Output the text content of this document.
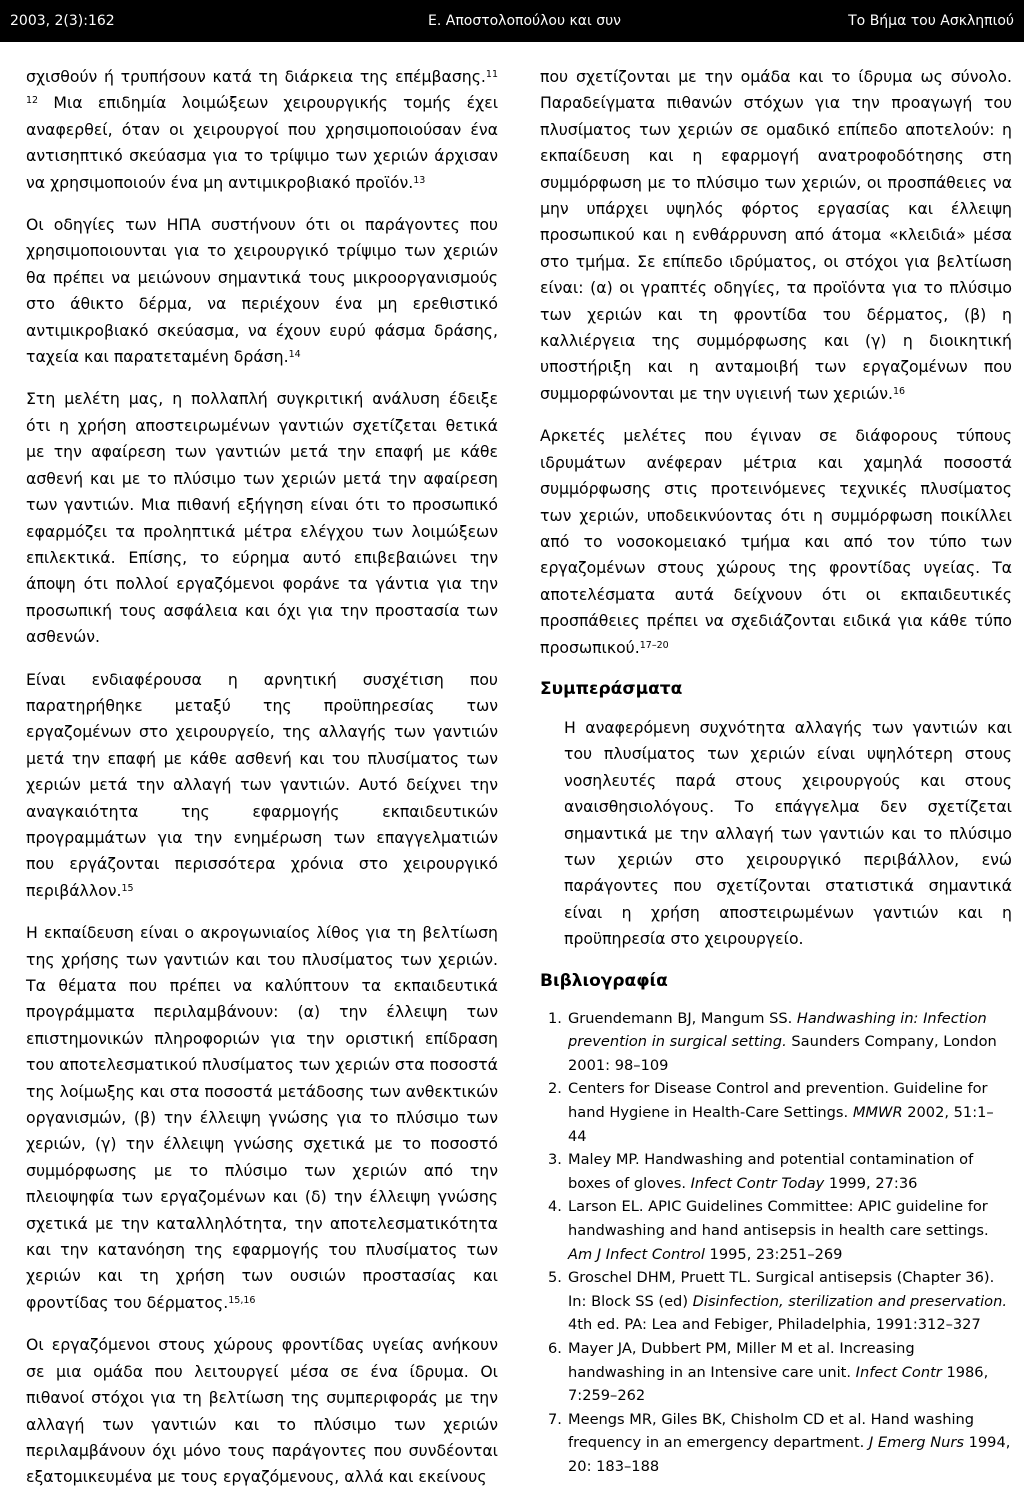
2003, 2(3):162	Ε. Αποστολοπούλου και συν	Το Βήμα του Ασκληπιού

σχισθούν ή τρυπήσουν κατά τη διάρκεια της επέμβασης.$^{11 12}$ Μια επιδημία λοιμώξεων χειρουργικής τομής έχει αναφερθεί, όταν οι χειρουργοί που χρησιμοποιούσαν ένα αντισηπτικό σκεύασμα για το τρίψιμο των χεριών άρχισαν να χρησιμοποιούν ένα μη αντιμικροβιακό προϊόν.$^{13}$

Οι οδηγίες των ΗΠΑ συστήνουν ότι οι παράγοντες που χρησιμοποιουνται για το χειρουργικό τρίψιμο των χεριών θα πρέπει να μειώνουν σημαντικά τους μικροοργανισμούς στο άθικτο δέρμα, να περιέχουν ένα μη ερεθιστικό αντιμικροβιακό σκεύασμα, να έχουν ευρύ φάσμα δράσης, ταχεία και παρατεταμένη δράση.$^{14}$

Στη μελέτη μας, η πολλαπλή συγκριτική ανάλυση έδειξε ότι η χρήση αποστειρωμένων γαντιών σχετίζεται θετικά με την αφαίρεση των γαντιών μετά την επαφή με κάθε ασθενή και με το πλύσιμο των χεριών μετά την αφαίρεση των γαντιών. Μια πιθανή εξήγηση είναι ότι το προσωπικό εφαρμόζει τα προληπτικά μέτρα ελέγχου των λοιμώξεων επιλεκτικά. Επίσης, το εύρημα αυτό επιβεβαιώνει την άποψη ότι πολλοί εργαζόμενοι φοράνε τα γάντια για την προσωπική τους ασφάλεια και όχι για την προστασία των ασθενών.

Είναι ενδιαφέρουσα η αρνητική συσχέτιση που παρατηρήθηκε μεταξύ της προϋπηρεσίας των εργαζομένων στο χειρουργείο, της αλλαγής των γαντιών μετά την επαφή με κάθε ασθενή και του πλυσίματος των χεριών μετά την αλλαγή των γαντιών. Αυτό δείχνει την αναγκαιότητα της εφαρμογής εκπαιδευτικών προγραμμάτων για την ενημέρωση των επαγγελματιών που εργάζονται περισσότερα χρόνια στο χειρουργικό περιβάλλον.$^{15}$

Η εκπαίδευση είναι ο ακρογωνιαίος λίθος για τη βελτίωση της χρήσης των γαντιών και του πλυσίματος των χεριών. Τα θέματα που πρέπει να καλύπτουν τα εκπαιδευτικά προγράμματα περιλαμβάνουν: (α) την έλλειψη των επιστημονικών πληροφοριών για την οριστική επίδραση του αποτελεσματικού πλυσίματος των χεριών στα ποσοστά της λοίμωξης και στα ποσοστά μετάδοσης των ανθεκτικών οργανισμών, (β) την έλλειψη γνώσης για το πλύσιμο των χεριών, (γ) την έλλειψη γνώσης σχετικά με το ποσοστό συμμόρφωσης με το πλύσιμο των χεριών από την πλειοψηφία των εργαζομένων και (δ) την έλλειψη γνώσης σχετικά με την καταλληλότητα, την αποτελεσματικότητα και την κατανόηση της εφαρμογής του πλυσίματος των χεριών και τη χρήση των ουσιών προστασίας και φροντίδας του δέρματος.$^{15,16}$

Οι εργαζόμενοι στους χώρους φροντίδας υγείας ανήκουν σε μια ομάδα που λειτουργεί μέσα σε ένα ίδρυμα. Οι πιθανοί στόχοι για τη βελτίωση της συμπεριφοράς με την αλλαγή των γαντιών και το πλύσιμο των χεριών περιλαμβάνουν όχι μόνο τους παράγοντες που συνδέονται εξατομικευμένα με τους εργαζόμενους, αλλά και εκείνους

που σχετίζονται με την ομάδα και το ίδρυμα ως σύνολο. Παραδείγματα πιθανών στόχων για την προαγωγή του πλυσίματος των χεριών σε ομαδικό επίπεδο αποτελούν: η εκπαίδευση και η εφαρμογή ανατροφοδότησης στη συμμόρφωση με το πλύσιμο των χεριών, οι προσπάθειες να μην υπάρχει υψηλός φόρτος εργασίας και έλλειψη προσωπικού και η ενθάρρυνση από άτομα «κλειδιά» μέσα στο τμήμα. Σε επίπεδο ιδρύματος, οι στόχοι για βελτίωση είναι: (α) οι γραπτές οδηγίες, τα προϊόντα για το πλύσιμο των χεριών και τη φροντίδα του δέρματος, (β) η καλλιέργεια της συμμόρφωσης και (γ) η διοικητική υποστήριξη και η ανταμοιβή των εργαζομένων που συμμορφώνονται με την υγιεινή των χεριών.$^{16}$

Αρκετές μελέτες που έγιναν σε διάφορους τύπους ιδρυμάτων ανέφεραν μέτρια και χαμηλά ποσοστά συμμόρφωσης στις προτεινόμενες τεχνικές πλυσίματος των χεριών, υποδεικνύοντας ότι η συμμόρφωση ποικίλλει από το νοσοκομειακό τμήμα και από τον τύπο των εργαζομένων στους χώρους της φροντίδας υγείας. Τα αποτελέσματα αυτά δείχνουν ότι οι εκπαιδευτικές προσπάθειες πρέπει να σχεδιάζονται ειδικά για κάθε τύπο προσωπικού.$^{17-20}$

Συμπεράσματα

Η αναφερόμενη συχνότητα αλλαγής των γαντιών και του πλυσίματος των χεριών είναι υψηλότερη στους νοσηλευτές παρά στους χειρουργούς και στους αναισθησιολόγους. Το επάγγελμα δεν σχετίζεται σημαντικά με την αλλαγή των γαντιών και το πλύσιμο των χεριών στο χειρουργικό περιβάλλον, ενώ παράγοντες που σχετίζονται στατιστικά σημαντικά είναι η χρήση αποστειρωμένων γαντιών και η προϋπηρεσία στο χειρουργείο.

Βιβλιογραφία
1. Gruendemann BJ, Mangum SS. Handwashing in: Infection prevention in surgical setting. Saunders Company, London 2001: 98–109
2. Centers for Disease Control and prevention. Guideline for hand Hygiene in Health-Care Settings. MMWR 2002, 51:1–44
3. Maley MP. Handwashing and potential contamination of boxes of gloves. Infect Contr Today 1999, 27:36
4. Larson EL. APIC Guidelines Committee: APIC guideline for handwashing and hand antisepsis in health care settings. Am J Infect Control 1995, 23:251–269
5. Groschel DHM, Pruett TL. Surgical antisepsis (Chapter 36). In: Block SS (ed) Disinfection, sterilization and preservation. 4th ed. PA: Lea and Febiger, Philadelphia, 1991:312–327
6. Mayer JA, Dubbert PM, Miller M et al. Increasing handwashing in an Intensive care unit. Infect Contr 1986, 7:259–262
7. Meengs MR, Giles BK, Chisholm CD et al. Hand washing frequency in an emergency department. J Emerg Nurs 1994, 20: 183–188
